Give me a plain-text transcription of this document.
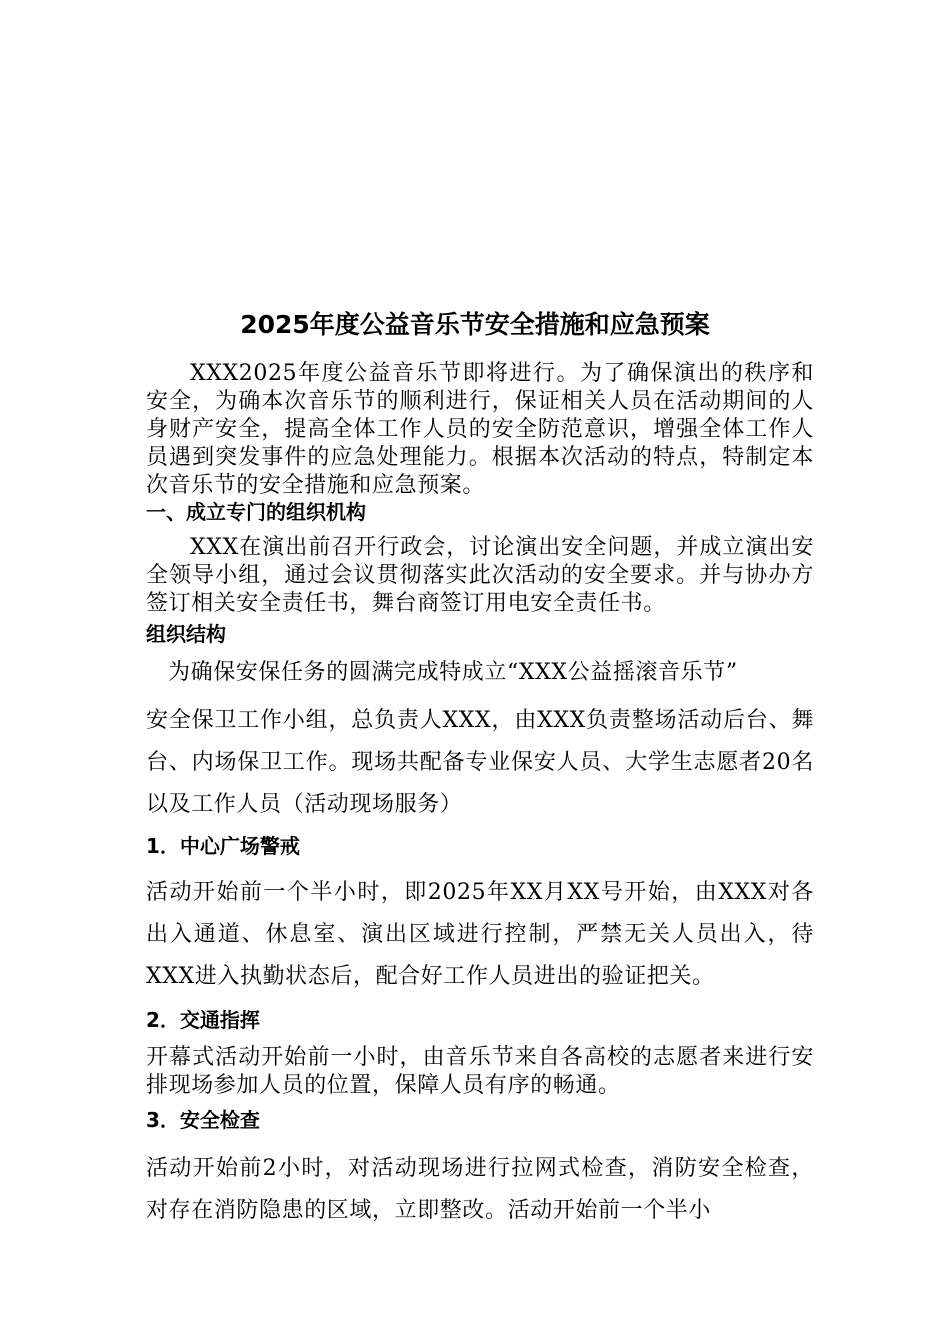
2025年度公益音乐节安全措施和应急预案

XXX2025年度公益音乐节即将进行。为了确保演出的秩序和安全，为确本次音乐节的顺利进行，保证相关人员在活动期间的人身财产安全，提高全体工作人员的安全防范意识，增强全体工作人员遇到突发事件的应急处理能力。根据本次活动的特点，特制定本次音乐节的安全措施和应急预案。

一、成立专门的组织机构

XXX在演出前召开行政会，讨论演出安全问题，并成立演出安全领导小组，通过会议贯彻落实此次活动的安全要求。并与协办方签订相关安全责任书，舞台商签订用电安全责任书。

组织结构

为确保安保任务的圆满完成特成立“XXX公益摇滚音乐节”

安全保卫工作小组，总负责人XXX，由XXX负责整场活动后台、舞台、内场保卫工作。现场共配备专业保安人员、大学生志愿者20名以及工作人员（活动现场服务）

1．中心广场警戒

活动开始前一个半小时，即2025年XX月XX号开始，由XXX对各出入通道、休息室、演出区域进行控制，严禁无关人员出入，待XXX进入执勤状态后，配合好工作人员进出的验证把关。

2．交通指挥

开幕式活动开始前一小时，由音乐节来自各高校的志愿者来进行安排现场参加人员的位置，保障人员有序的畅通。

3．安全检查

活动开始前2小时，对活动现场进行拉网式检查，消防安全检查，对存在消防隐患的区域，立即整改。活动开始前一个半小
